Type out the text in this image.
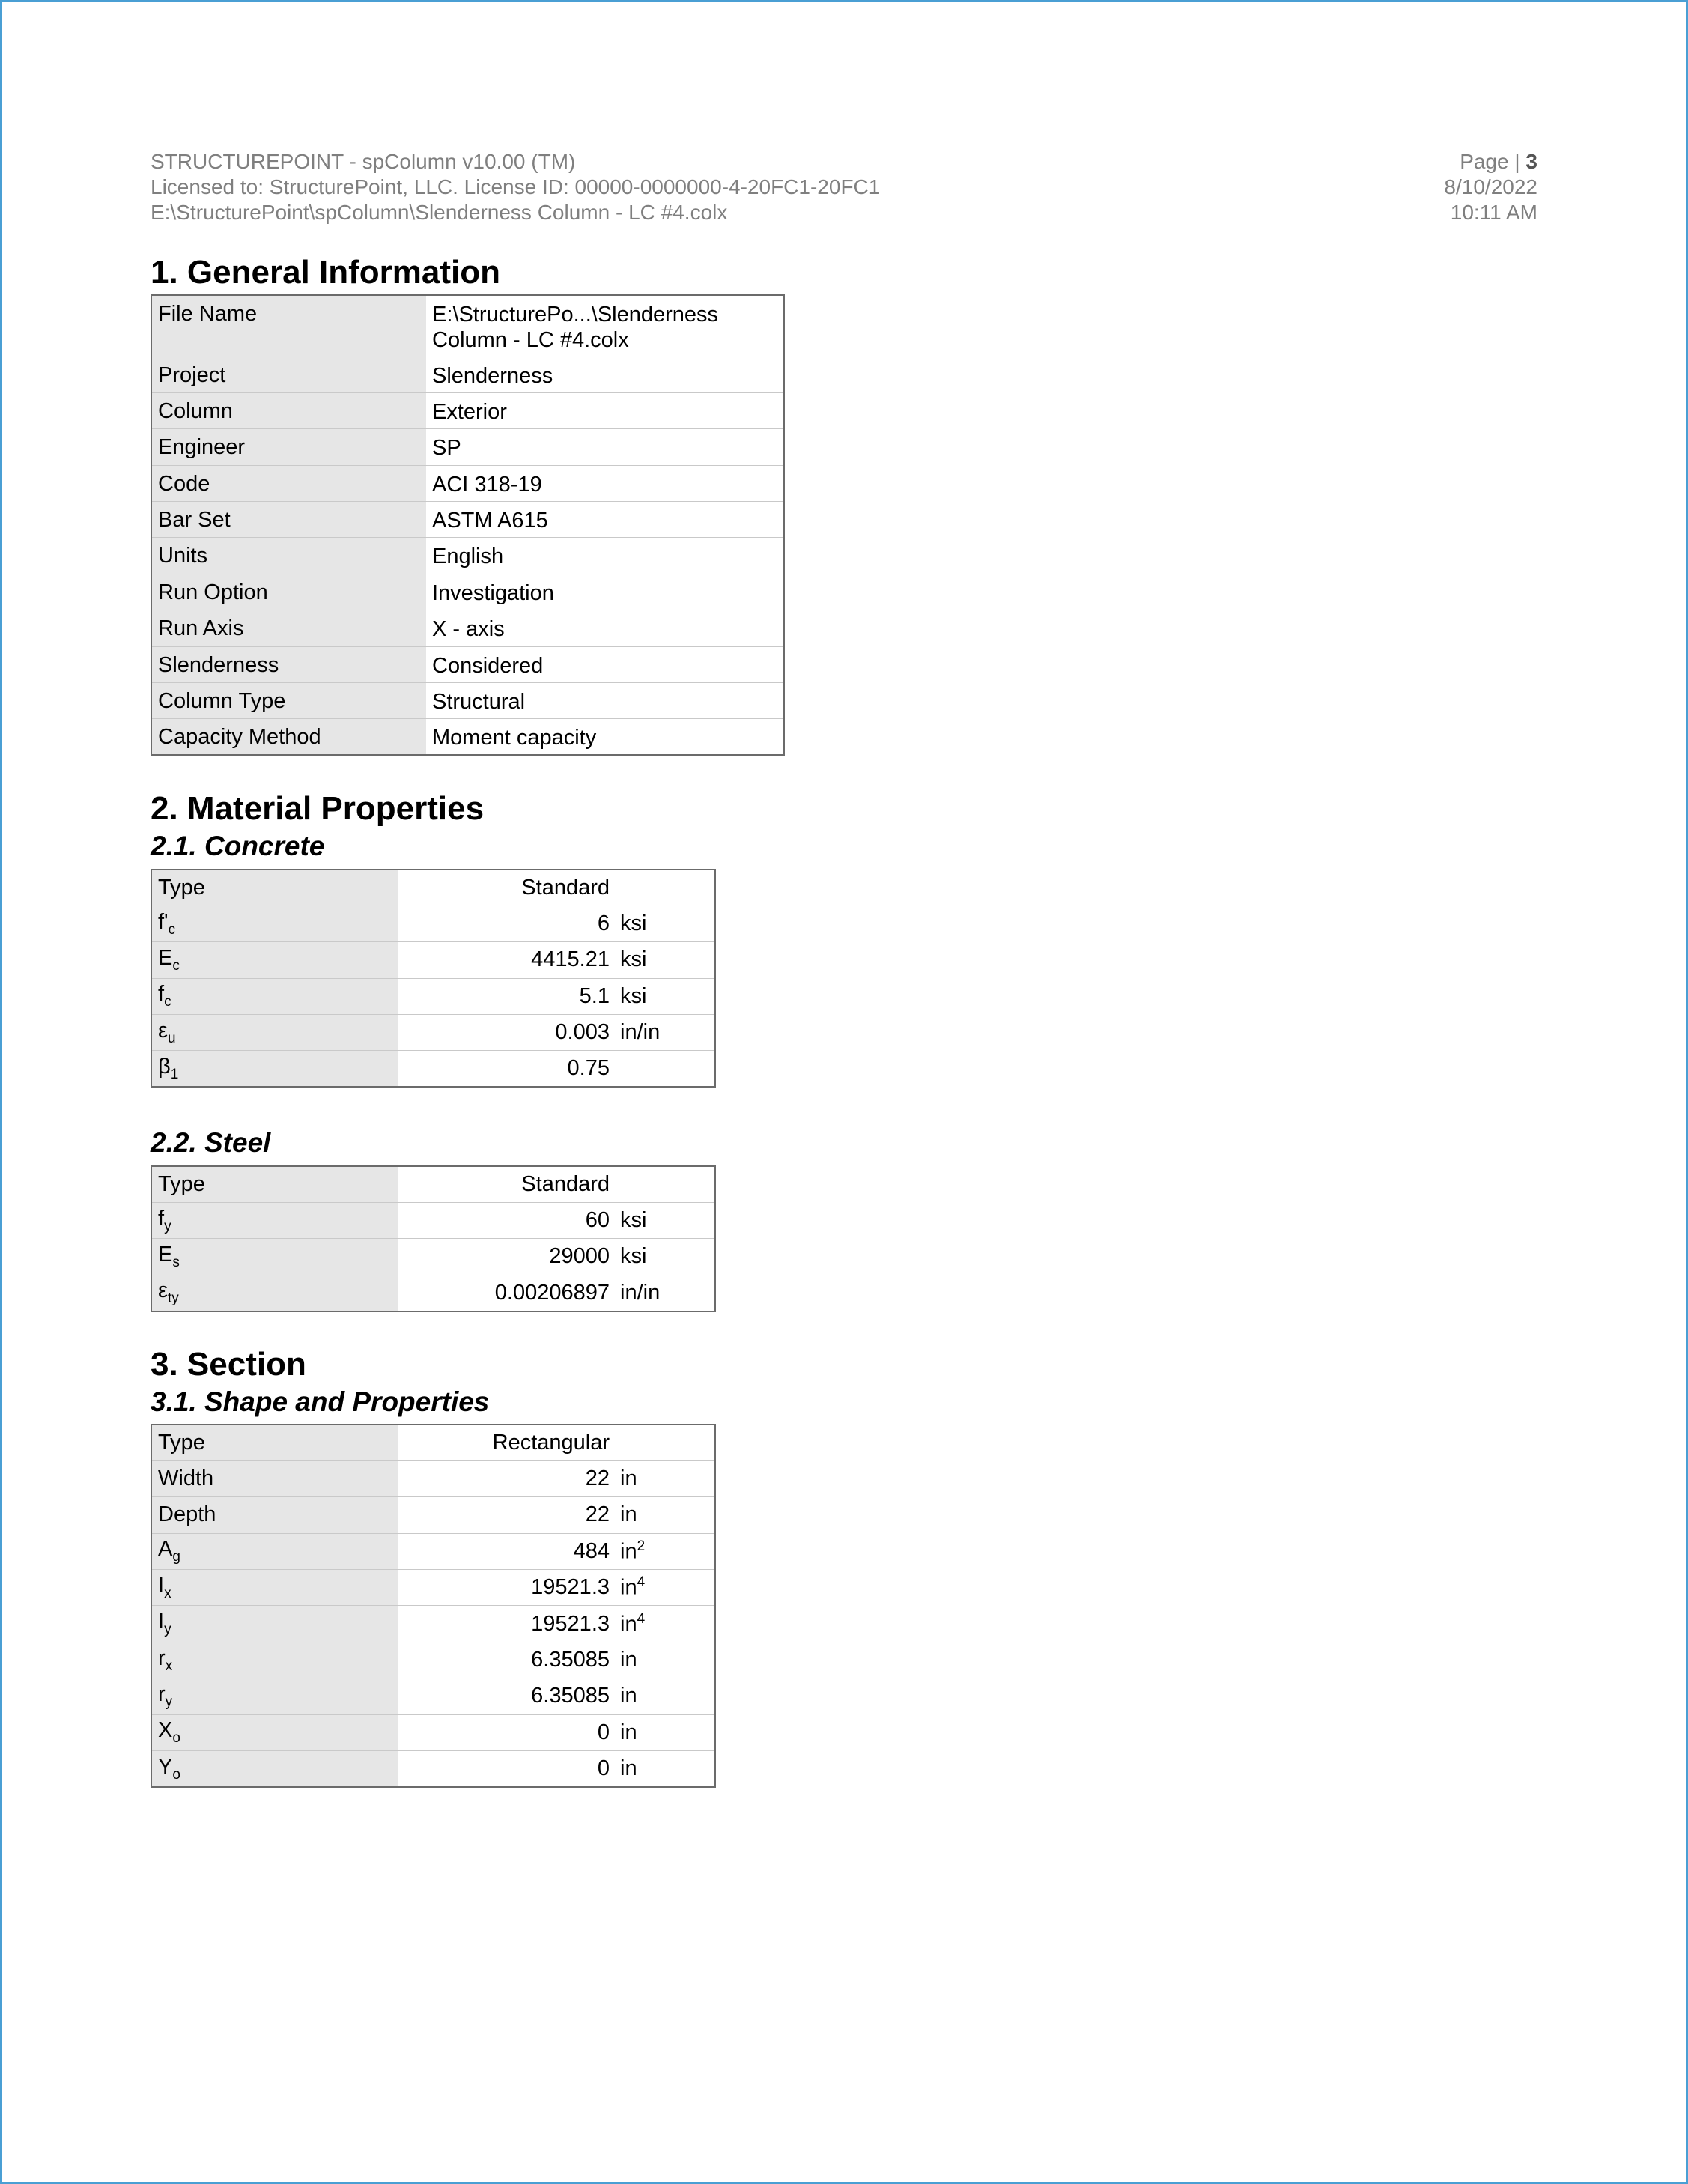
STRUCTUREPOINT - spColumn v10.00 (TM)
Licensed to: StructurePoint, LLC. License ID: 00000-0000000-4-20FC1-20FC1
E:\StructurePoint\spColumn\Slenderness Column - LC #4.colx
Page | 3
8/10/2022
10:11 AM
1. General Information
File Name	E:\StructurePo...\Slenderness
Column - LC #4.colx

Project	Slenderness

Column	Exterior

Engineer	SP

Code	ACI 318-19

Bar Set	ASTM A615

Units	English

Run Option	Investigation

Run Axis	X - axis

Slenderness	Considered

Column Type	Structural

Capacity Method	Moment capacity
2. Material Properties
2.1. Concrete
Type	Standard	
$f'_c$	6	ksi
$E_c$	4415.21	ksi
$f_c$	5.1	ksi
$\varepsilon_u$	0.003	in/in
$\beta_1$	0.75	
2.2. Steel
Type	Standard	
$f_y$	60	ksi
$E_s$	29000	ksi
$\varepsilon_{ty}$	0.00206897	in/in
3. Section
3.1. Shape and Properties
Type	Rectangular	
Width	22	in
Depth	22	in
$A_g$	484	$in^2$
$I_x$	19521.3	$in^4$
$I_y$	19521.3	$in^4$
$r_x$	6.35085	in
$r_y$	6.35085	in
$X_o$	0	in
$Y_o$	0	in
